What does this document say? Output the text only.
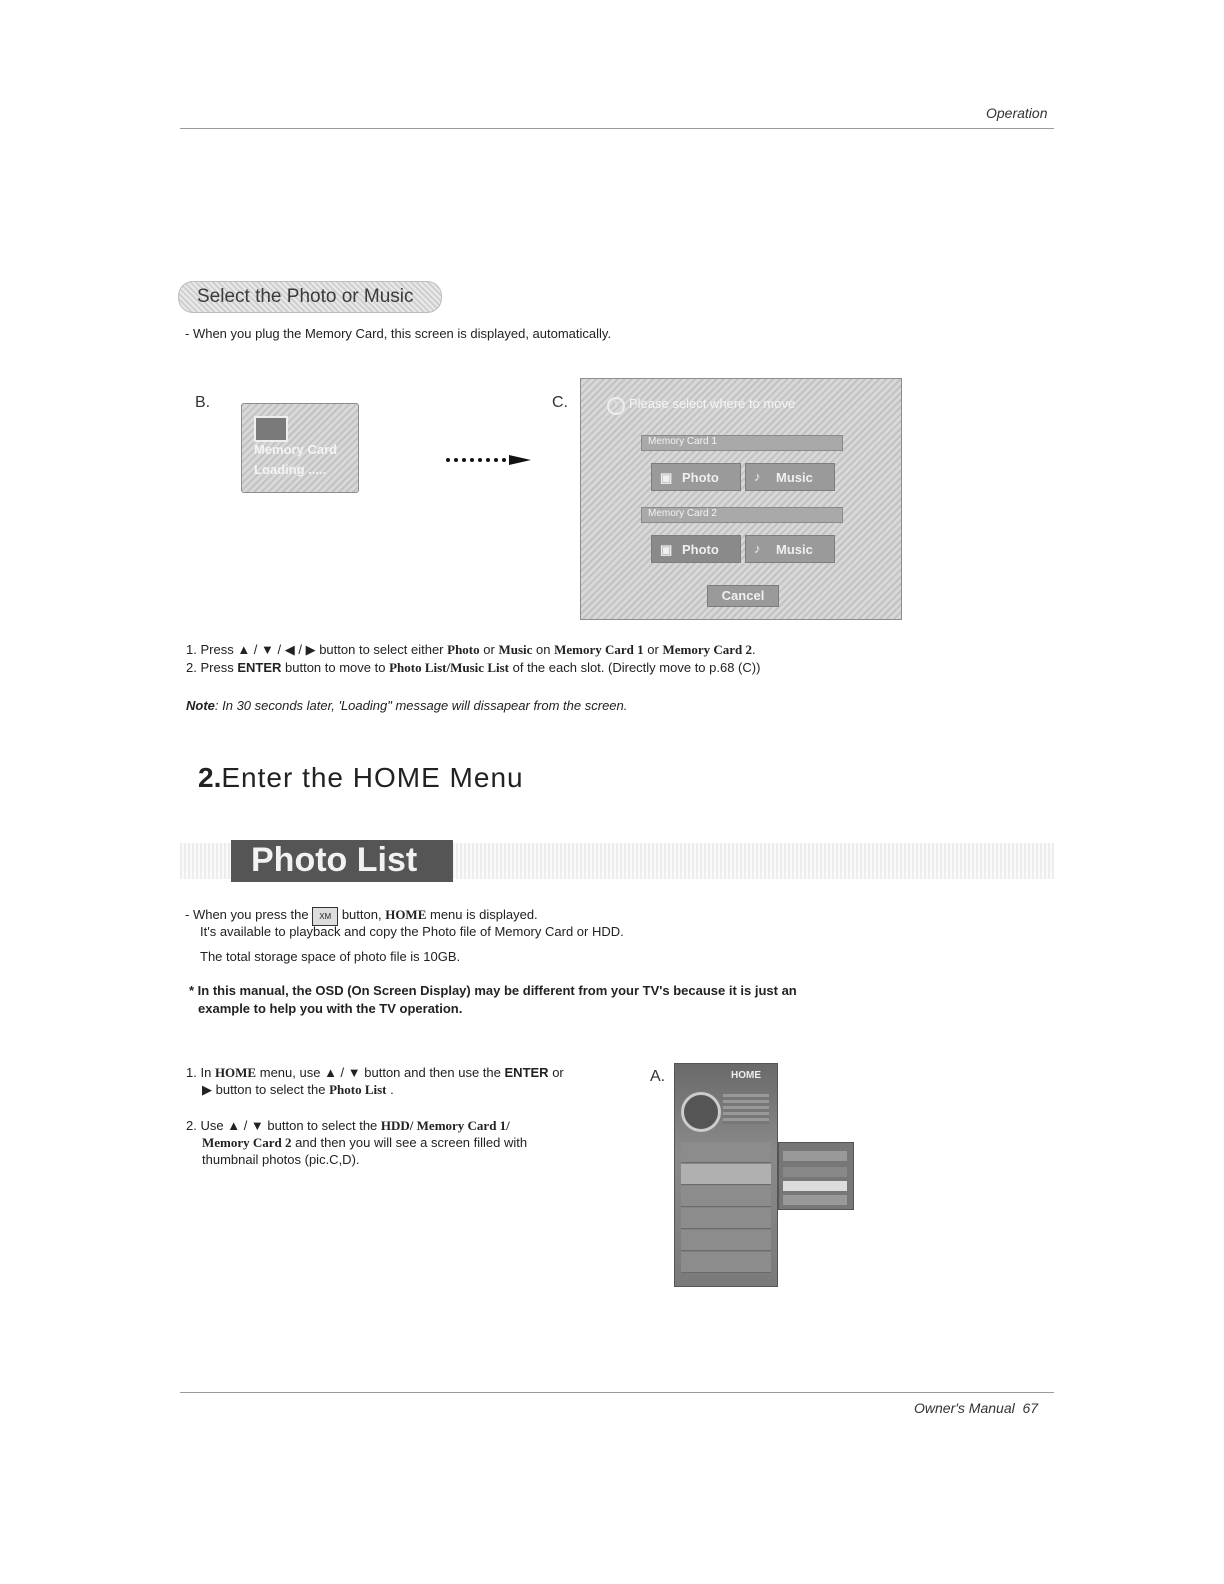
Operation
Select the Photo or Music
- When you plug the Memory Card, this screen is displayed, automatically.
B.
Memory Card
Loading .....
C.	! Please select where to move
Memory Card 1
▣ Photo	♪ Music
Memory Card 2
▣ Photo	♪ Music
Cancel
1. Press ▲ / ▼ / ◀ / ▶ button to select either Photo or Music on Memory Card 1 or Memory Card 2.
2. Press ENTER button to move to Photo List/Music List of the each slot. (Directly move to p.68 (C))
Note: In 30 seconds later, 'Loading" message will dissapear from the screen.
2.Enter the HOME Menu
Photo List
- When you press the XM button, HOME menu is displayed.
It's available to playback and copy the Photo file of Memory Card or HDD.
The total storage space of photo file is 10GB.
* In this manual, the OSD (On Screen Display) may be different from your TV's because it is just an
example to help you with the TV operation.
1. In HOME menu, use ▲ / ▼ button and then use the ENTER or
▶ button to select the Photo List .
2. Use ▲ / ▼ button to select the HDD/ Memory Card 1/
Memory Card 2 and then you will see a screen filled with
thumbnail photos (pic.C,D).
A.	HOME
Owner's Manual 67
